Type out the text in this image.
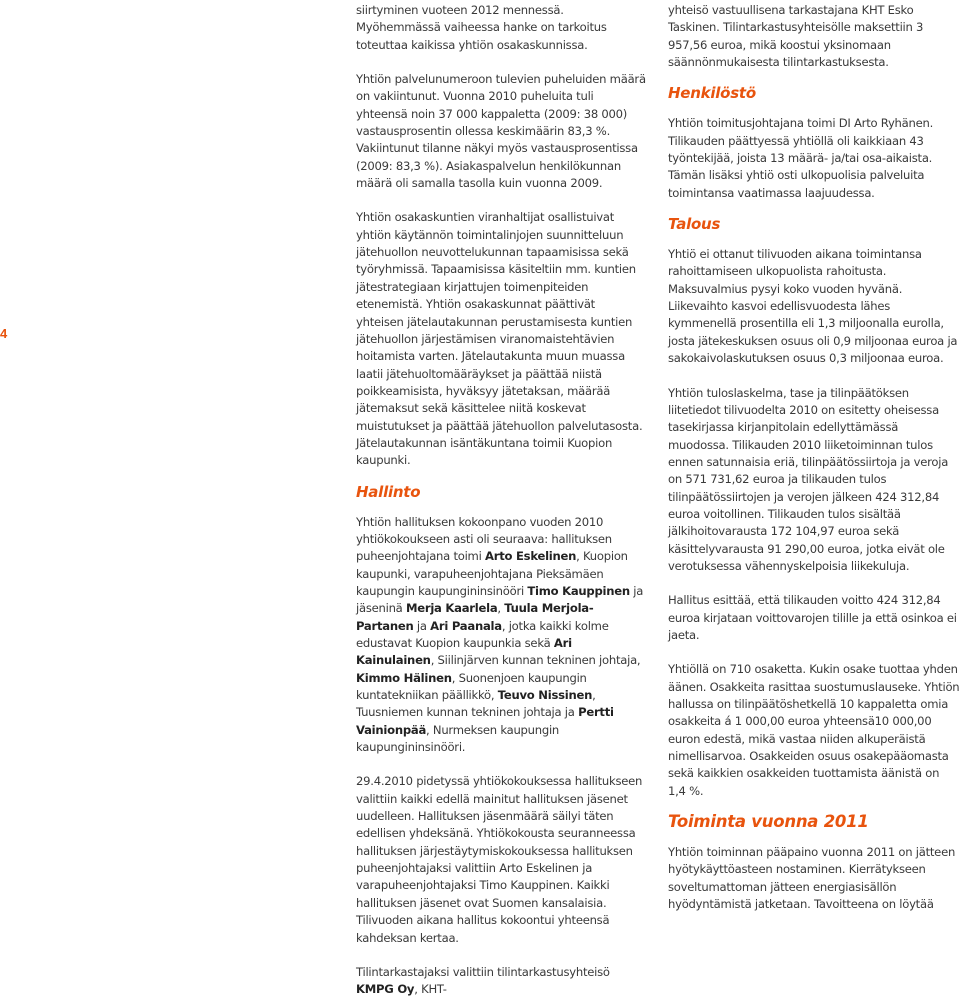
4

siirtyminen vuoteen 2012 mennessä. Myöhemmässä vaiheessa hanke on tarkoitus toteuttaa kaikissa yhtiön osakaskunnissa.

Yhtiön palvelunumeroon tulevien puheluiden määrä on vakiintunut. Vuonna 2010 puheluita tuli yhteensä noin 37 000 kappaletta (2009: 38 000) vastausprosentin ollessa keskimäärin 83,3 %. Vakiintunut tilanne näkyi myös vastausprosentissa (2009: 83,3 %). Asiakaspalvelun henkilökunnan määrä oli samalla tasolla kuin vuonna 2009.

Yhtiön osakaskuntien viranhaltijat osallistuivat yhtiön käytännön toimintalinjojen suunnitteluun jätehuollon neuvottelukunnan tapaamisissa sekä työryhmissä. Tapaamisissa käsiteltiin mm. kuntien jätestrategiaan kirjattujen toimenpiteiden etenemistä. Yhtiön osakaskunnat päättivät yhteisen jätelautakunnan perustamisesta kuntien jätehuollon järjestämisen viranomaistehtävien hoitamista varten. Jätelautakunta muun muassa laatii jätehuoltomääräykset ja päättää niistä poikkeamisista, hyväksyy jätetaksan, määrää jätemaksut sekä käsittelee niitä koskevat muistutukset ja päättää jätehuollon palvelutasosta. Jätelautakunnan isäntäkuntana toimii Kuopion kaupunki.

Hallinto

Yhtiön hallituksen kokoonpano vuoden 2010 yhtiökokoukseen asti oli seuraava: hallituksen puheenjohtajana toimi Arto Eskelinen, Kuopion kaupunki, varapuheenjohtajana Pieksämäen kaupungin kaupungininsinööri Timo Kauppinen ja jäseninä Merja Kaarlela, Tuula Merjola-Partanen ja Ari Paanala, jotka kaikki kolme edustavat Kuopion kaupunkia sekä Ari Kainulainen, Siilinjärven kunnan tekninen johtaja, Kimmo Hälinen, Suonenjoen kaupungin kuntatekniikan päällikkö, Teuvo Nissinen, Tuusniemen kunnan tekninen johtaja ja Pertti Vainionpää, Nurmeksen kaupungin kaupungininsinööri.

29.4.2010 pidetyssä yhtiökokouksessa hallitukseen valittiin kaikki edellä mainitut hallituksen jäsenet uudelleen. Hallituksen jäsenmäärä säilyi täten edellisen yhdeksänä. Yhtiökokousta seuranneessa hallituksen järjestäytymiskokouksessa hallituksen puheenjohtajaksi valittiin Arto Eskelinen ja varapuheenjohtajaksi Timo Kauppinen. Kaikki hallituksen jäsenet ovat Suomen kansalaisia. Tilivuoden aikana hallitus kokoontui yhteensä kahdeksan kertaa.

Tilintarkastajaksi valittiin tilintarkastusyhteisö KMPG Oy, KHT-

yhteisö vastuullisena tarkastajana KHT Esko Taskinen. Tilintarkastusyhteisölle maksettiin 3 957,56 euroa, mikä koostui yksinomaan säännönmukaisesta tilintarkastuksesta.

Henkilöstö

Yhtiön toimitusjohtajana toimi DI Arto Ryhänen. Tilikauden päättyessä yhtiöllä oli kaikkiaan 43 työntekijää, joista 13 määrä- ja/tai osa-aikaista. Tämän lisäksi yhtiö osti ulkopuolisia palveluita toimintansa vaatimassa laajuudessa.

Talous

Yhtiö ei ottanut tilivuoden aikana toimintansa rahoittamiseen ulkopuolista rahoitusta. Maksuvalmius pysyi koko vuoden hyvänä. Liikevaihto kasvoi edellisvuodesta lähes kymmenellä prosentilla eli 1,3 miljoonalla eurolla, josta jätekeskuksen osuus oli 0,9 miljoonaa euroa ja sakokaivolaskutuksen osuus 0,3 miljoonaa euroa.

Yhtiön tuloslaskelma, tase ja tilinpäätöksen liitetiedot tilivuodelta 2010 on esitetty oheisessa tasekirjassa kirjanpitolain edellyttämässä muodossa. Tilikauden 2010 liiketoiminnan tulos ennen satunnaisia eriä, tilinpäätössiirtoja ja veroja on 571 731,62 euroa ja tilikauden tulos tilinpäätössiirtojen ja verojen jälkeen 424 312,84 euroa voitollinen. Tilikauden tulos sisältää jälkihoitovarausta 172 104,97 euroa sekä käsittelyvarausta 91 290,00 euroa, jotka eivät ole verotuksessa vähennyskelpoisia liikekuluja.

Hallitus esittää, että tilikauden voitto 424 312,84 euroa kirjataan voittovarojen tilille ja että osinkoa ei jaeta.

Yhtiöllä on 710 osaketta. Kukin osake tuottaa yhden äänen. Osakkeita rasittaa suostumuslauseke. Yhtiön hallussa on tilinpäätöshetkellä 10 kappaletta omia osakkeita á 1 000,00 euroa yhteensä10 000,00 euron edestä, mikä vastaa niiden alkuperäistä nimellisarvoa. Osakkeiden osuus osakepääomasta sekä kaikkien osakkeiden tuottamista äänistä on 1,4 %.

Toiminta vuonna 2011

Yhtiön toiminnan pääpaino vuonna 2011 on jätteen hyötykäyttöasteen nostaminen. Kierrätykseen soveltumattoman jätteen energiasisällön hyödyntämistä jatketaan. Tavoitteena on löytää
